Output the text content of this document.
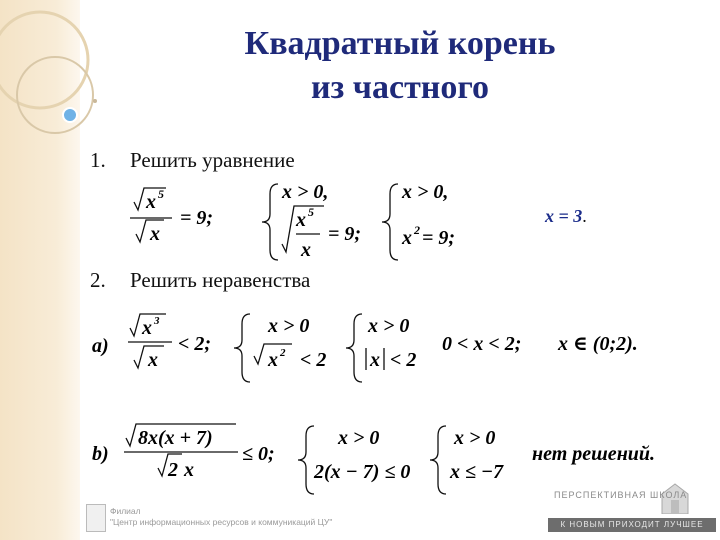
Квадратный корень
из частного
1. Решить уравнение
x 5
x
= 9;
x > 0,
x 5
x
= 9;
x > 0,
x 2 = 9;
x = 3.
2. Решить неравенства
a)
x 3
x
< 2;
x > 0
x 2 < 2
x > 0
x < 2
0 < x < 2; x ∈ (0;2).
b)
8x(x + 7)
2 x
≤ 0;
x > 0
2(x − 7) ≤ 0
x > 0
x ≤ −7
нет решений.
Филиал
"Центр информационных ресурсов и коммуникаций ЦУ"
ПЕРСПЕКТИВНАЯ ШКОЛА
К НОВЫМ ПРИХОДИТ ЛУЧШЕЕ
